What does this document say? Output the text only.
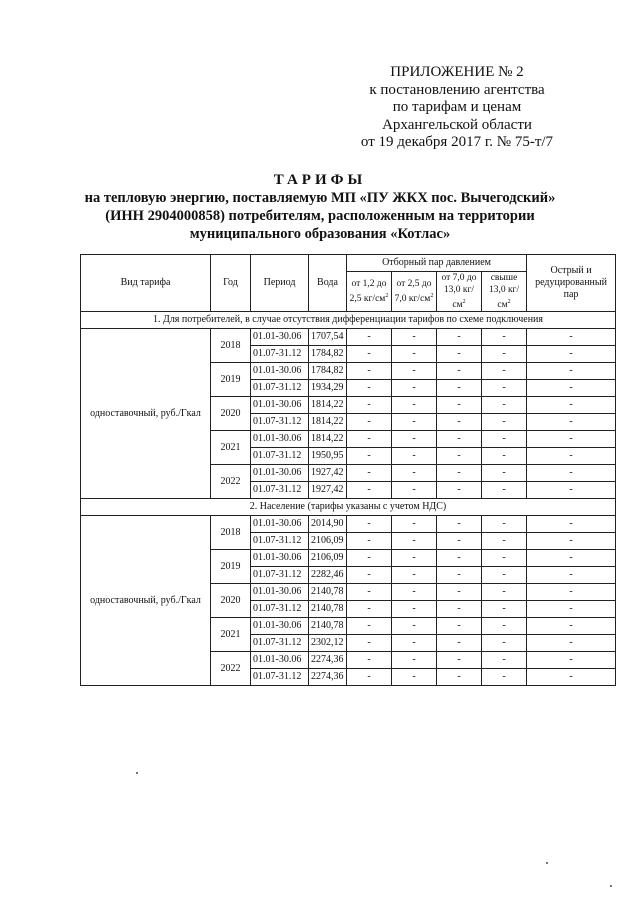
ПРИЛОЖЕНИЕ № 2
к постановлению агентства
по тарифам и ценам
Архангельской области
от 19 декабря 2017 г. № 75-т/7
ТАРИФЫ
на тепловую энергию, поставляемую МП «ПУ ЖКХ пос. Вычегодский»
(ИНН 2904000858) потребителям, расположенным на территории
муниципального образования «Котлас»
Вид тарифа	Год	Период	Вода	Отборный пар давлением				Острый и редуцированный пар
				от 1,2 до 2,5 $кг/см^2$	от 2,5 до 7,0 $кг/см^2$	от 7,0 до 13,0 $кг/см^2$	свыше 13,0 $кг/см^2$
1. Для потребителей, в случае отсутствия дифференциации тарифов по схеме подключения								
одноставочный, руб./Гкал	2018	01.01-30.06	1707,54	-	-	-	-	-
		01.07-31.12	1784,82	-	-	-	-	-
	2019	01.01-30.06	1784,82	-	-	-	-	-
		01.07-31.12	1934,29	-	-	-	-	-
	2020	01.01-30.06	1814,22	-	-	-	-	-
		01.07-31.12	1814,22	-	-	-	-	-
	2021	01.01-30.06	1814,22	-	-	-	-	-
		01.07-31.12	1950,95	-	-	-	-	-
	2022	01.01-30.06	1927,42	-	-	-	-	-
		01.07-31.12	1927,42	-	-	-	-	-
2. Население (тарифы указаны с учетом НДС)								
одноставочный, руб./Гкал	2018	01.01-30.06	2014,90	-	-	-	-	-
		01.07-31.12	2106,09	-	-	-	-	-
	2019	01.01-30.06	2106,09	-	-	-	-	-
		01.07-31.12	2282,46	-	-	-	-	-
	2020	01.01-30.06	2140,78	-	-	-	-	-
		01.07-31.12	2140,78	-	-	-	-	-
	2021	01.01-30.06	2140,78	-	-	-	-	-
		01.07-31.12	2302,12	-	-	-	-	-
	2022	01.01-30.06	2274,36	-	-	-	-	-
		01.07-31.12	2274,36	-	-	-	-	-
